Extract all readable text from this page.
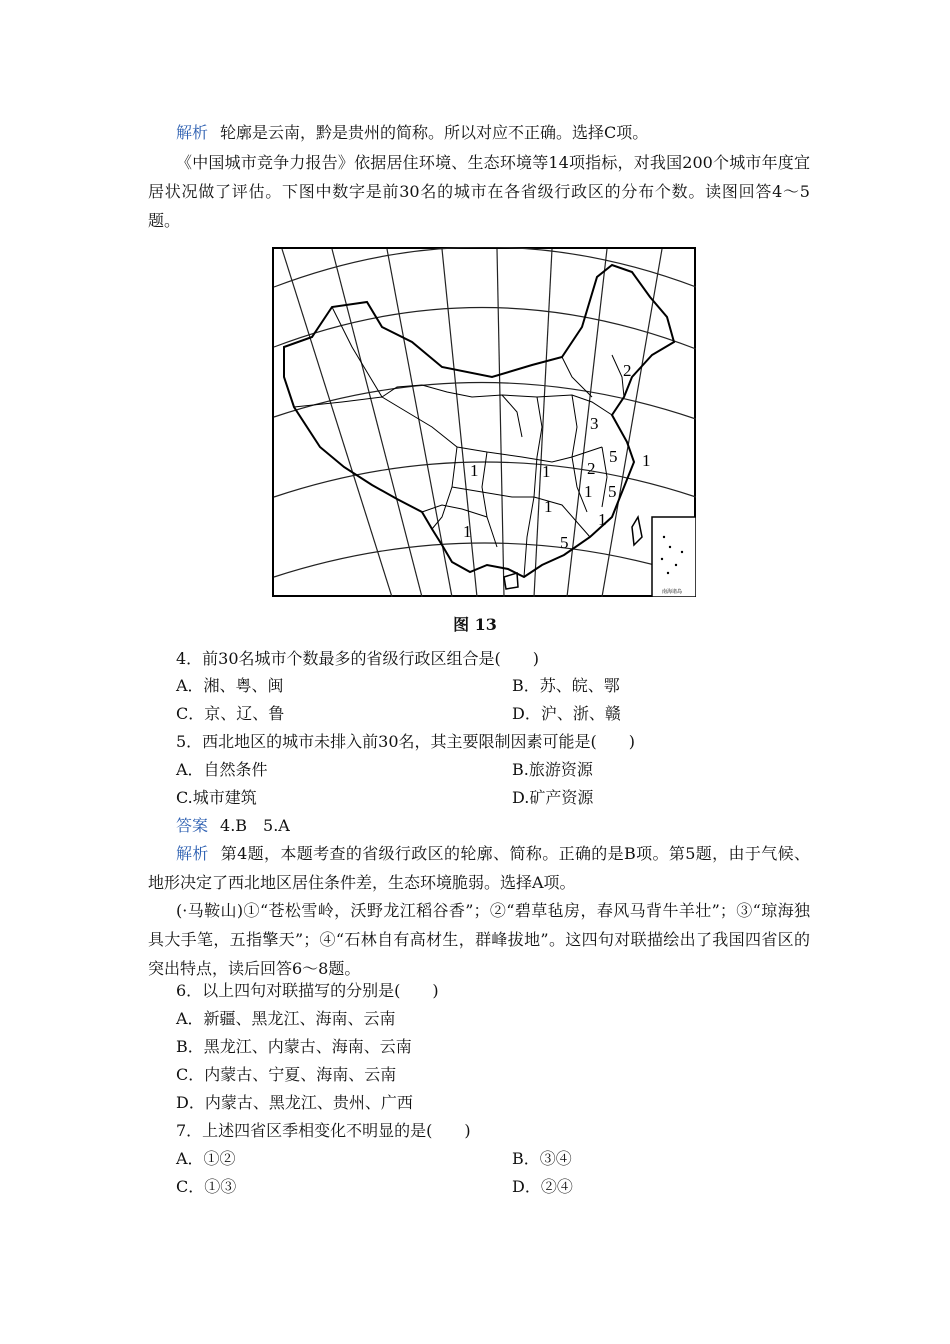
解析 轮廓是云南，黔是贵州的简称。所以对应不正确。选择C项。
《中国城市竞争力报告》依据居住环境、生态环境等14项指标，对我国200个城市年度宜居状况做了评估。下图中数字是前30名的城市在各省级行政区的分布个数。读图回答4～5题。
2
3
5
2	1
1	1
5
1
1
1
1
5
南海诸岛
图 13
4．前30名城市个数最多的省级行政区组合是(　　)
A．湘、粤、闽	B．苏、皖、鄂
C．京、辽、鲁	D．沪、浙、赣
5．西北地区的城市未排入前30名，其主要限制因素可能是(　　)
A．自然条件	B.旅游资源
C.城市建筑	D.矿产资源
答案 4.B　5.A
解析 第4题，本题考查的省级行政区的轮廓、简称。正确的是B项。第5题，由于气候、地形决定了西北地区居住条件差，生态环境脆弱。选择A项。
(·马鞍山)①“苍松雪岭，沃野龙江稻谷香”；②“碧草毡房，春风马背牛羊壮”；③“琼海独具大手笔，五指擎天”；④“石林自有高材生，群峰拔地”。这四句对联描绘出了我国四省区的突出特点，读后回答6～8题。
6．以上四句对联描写的分别是(　　)
A．新疆、黑龙江、海南、云南
B．黑龙江、内蒙古、海南、云南
C．内蒙古、宁夏、海南、云南
D．内蒙古、黑龙江、贵州、广西
7．上述四省区季相变化不明显的是(　　)
A．①②	B．③④
C．①③	D．②④
